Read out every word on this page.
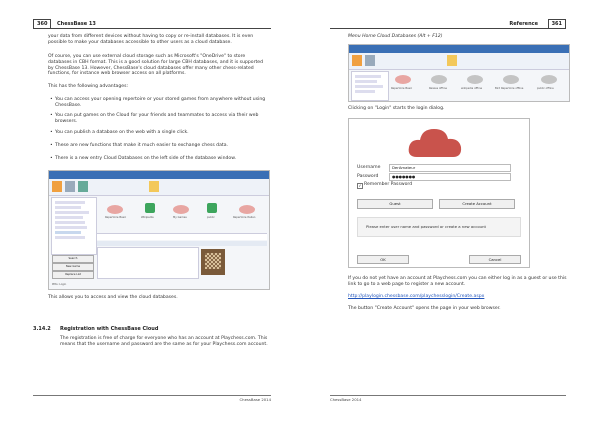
360	ChessBase 13
your data from different devices without having to copy or re-install databases. It is even possible to make your databases accessible to other users as a cloud database.
Of course, you can use external cloud storage such as Microsoft's "OneDrive" to store databases in CBH format. This is a good solution for large CBH databases, and it is supported by ChessBase 13. However, ChessBase's cloud databases offer many other chess-related functions, for instance web browser access on all platforms.
This has the following advantages:
• You can access your opening repertoire or your stored games from anywhere without using ChessBase.
• You can put games on the Cloud for your friends and teammates to access via their web browsers.
• You can publish a database on the web with a single click.
• These are new functions that make it much easier to exchange chess data.
• There is a new entry Cloud Databases on the left side of the database window.
Repertoire Basic	Wikipedia	My Games	public	Repertoire Italian
Search
New Game
Replace List
Pitts: Login
This allows you to access and view the cloud databases.
3.14.2 Registration with ChessBase Cloud
The registration is free of charge for everyone who has an account at Playchess.com. This means that the username and password are the same as for your Playchess.com account.
ChessBase 2014
Reference	361
Menu Home Cloud Databases (Alt + F12)
Repertoire Basic	Reiwes offline	wikipedia offline	Bird Repertoire offline	public offline
Clicking on "Login" starts the login dialog.
Username	DerAmateur
Password	●●●●●●●
✓ Remember Password
Guest	Create Account
Please enter user name and password or create a new account
OK	Cancel
If you do not yet have an account at Playchess.com you can either log in as a guest or use this link to go to a web page to register a new account.
http://playlogin.chessbase.com/playchesslogin/Create.aspx
The button "Create Account" opens the page in your web browser.
ChessBase 2014
